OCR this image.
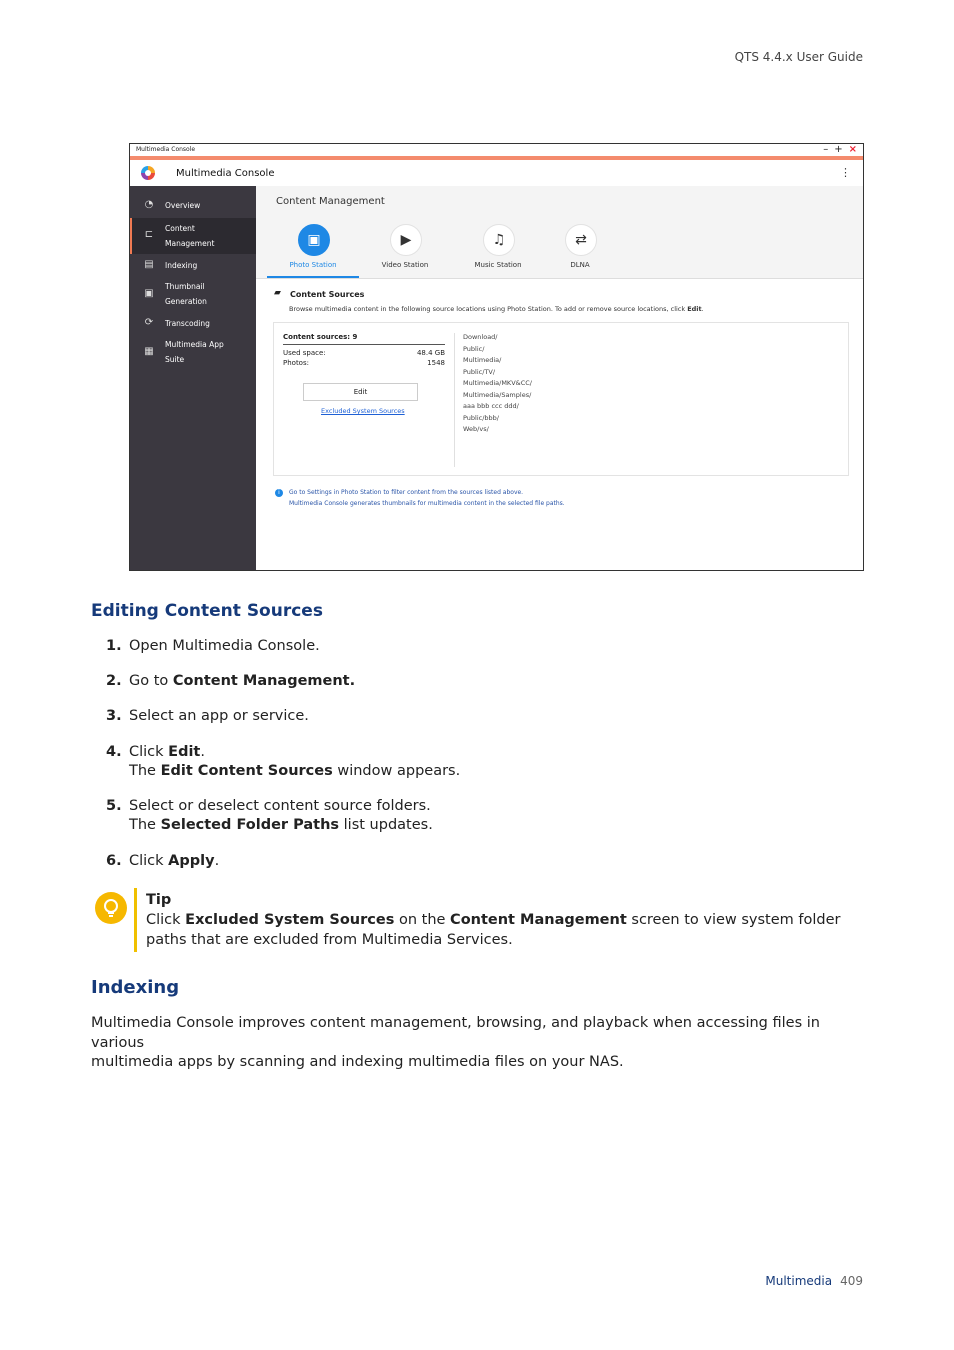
QTS 4.4.x User Guide
Multimedia Console	– + ×
Multimedia Console	⋮
◔	Overview
⊏
Content
Management
▤	Indexing
▣
Thumbnail
Generation
⟳	Transcoding
▦
Multimedia App
Suite
Content Management
▣
Photo Station
▶
Video Station
♫
Music Station
⇄
DLNA
▰ Content Sources
Browse multimedia content in the following source locations using Photo Station. To add or remove source locations, click Edit.
Content sources: 9
Used space:	48.4 GB
Photos:	1548
Edit
Excluded System Sources
Download/
Public/
Multimedia/
Public/TV/
Multimedia/MKV&CC/
Multimedia/Samples/
aaa bbb ccc ddd/
Public/bbb/
Web/vs/
i	Go to Settings in Photo Station to filter content from the sources listed above.
Multimedia Console generates thumbnails for multimedia content in the selected file paths.
Editing Content Sources
1. Open Multimedia Console.
2. Go to Content Management.
3. Select an app or service.
4. Click Edit.
The Edit Content Sources window appears.
5. Select or deselect content source folders.
The Selected Folder Paths list updates.
6. Click Apply.
Tip
Click Excluded System Sources on the Content Management screen to view system folder
paths that are excluded from Multimedia Services.
Indexing
Multimedia Console improves content management, browsing, and playback when accessing files in various
multimedia apps by scanning and indexing multimedia files on your NAS.
Multimedia 409
